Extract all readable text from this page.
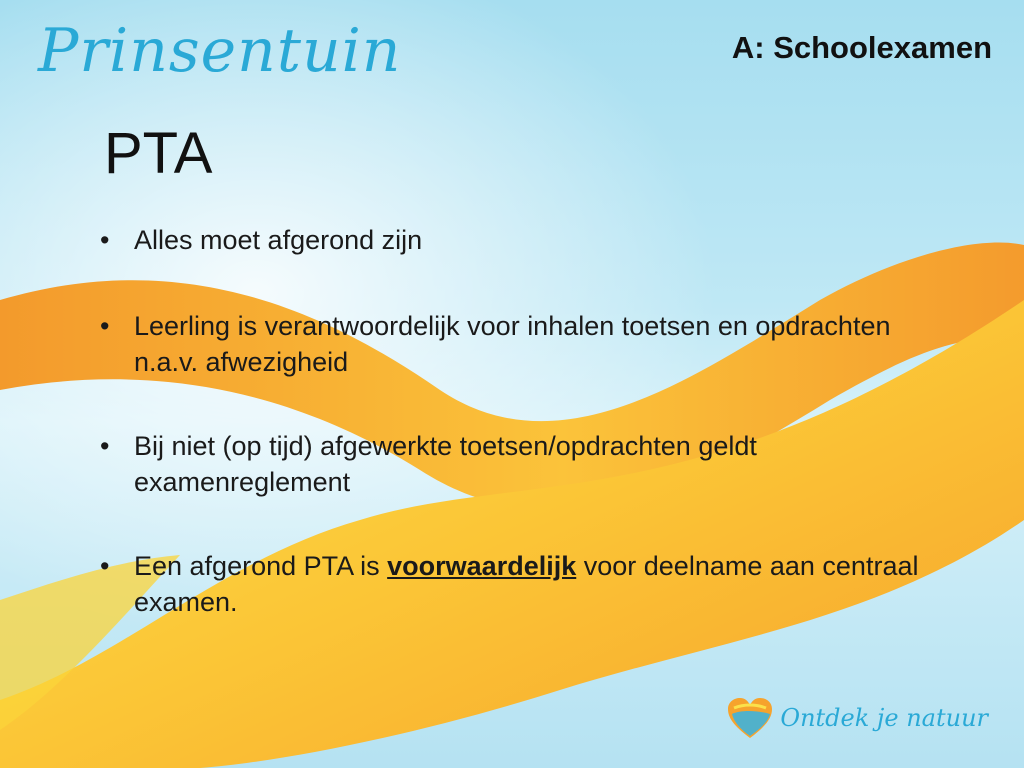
Prinsentuin	A: Schoolexamen
PTA
• Alles moet afgerond zijn
• Leerling is verantwoordelijk voor inhalen toetsen en opdrachten n.a.v. afwezigheid
• Bij niet (op tijd) afgewerkte toetsen/opdrachten geldt examenreglement
• Een afgerond PTA is voorwaardelijk voor deelname aan centraal examen.
Ontdek je natuur
